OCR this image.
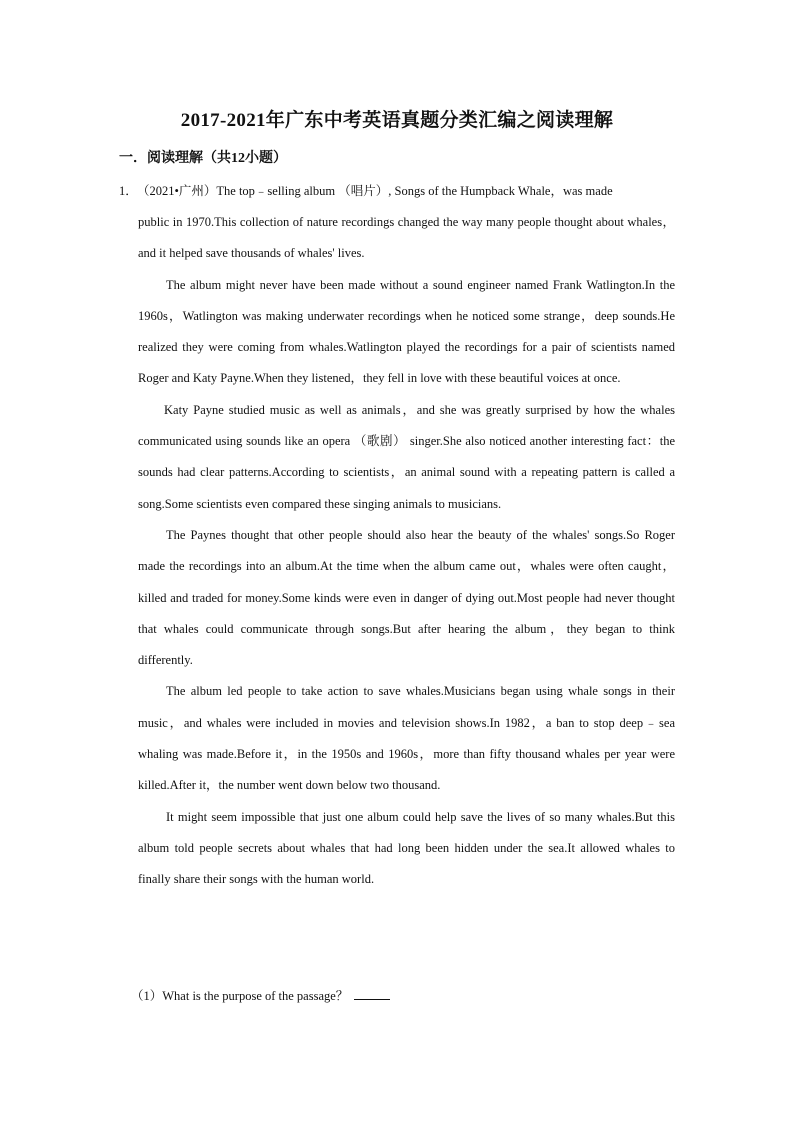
2017-2021年广东中考英语真题分类汇编之阅读理解
一．阅读理解（共12小题）
1．（2021•广州）The top﹣selling album （唱片）, Songs of the Humpback Whale，was made

public in 1970.This collection of nature recordings changed the way many people thought about whales，and it helped save thousands of whales' lives.

The album might never have been made without a sound engineer named Frank Watlington.In the 1960s，Watlington was making underwater recordings when he noticed some strange，deep sounds.He realized they were coming from whales.Watlington played the recordings for a pair of scientists named Roger and Katy Payne.When they listened，they fell in love with these beautiful voices at once.

Katy Payne studied music as well as animals，and she was greatly surprised by how the whales communicated using sounds like an opera （歌剧） singer.She also noticed another interesting fact：the sounds had clear patterns.According to scientists，an animal sound with a repeating pattern is called a song.Some scientists even compared these singing animals to musicians.

The Paynes thought that other people should also hear the beauty of the whales' songs.So Roger made the recordings into an album.At the time when the album came out，whales were often caught，killed and traded for money.Some kinds were even in danger of dying out.Most people had never thought that whales could communicate through songs.But after hearing the album，they began to think differently.

The album led people to take action to save whales.Musicians began using whale songs in their music，and whales were included in movies and television shows.In 1982，a ban to stop deep﹣sea whaling was made.Before it，in the 1950s and 1960s，more than fifty thousand whales per year were killed.After it，the number went down below two thousand.

It might seem impossible that just one album could help save the lives of so many whales.But this album told people secrets about whales that had long been hidden under the sea.It allowed whales to finally share their songs with the human world.

（1）What is the purpose of the passage？
